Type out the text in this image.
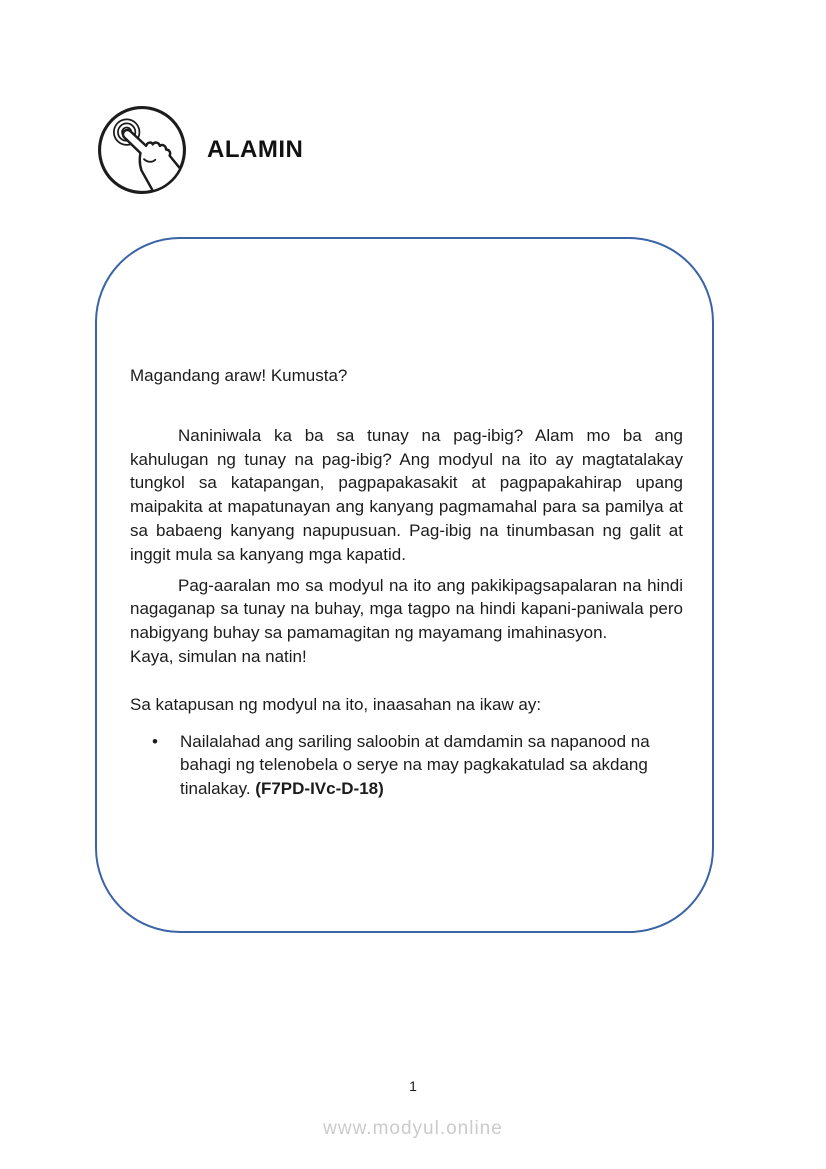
ALAMIN

Magandang araw! Kumusta?

Naniniwala ka ba sa tunay na pag-ibig? Alam mo ba ang kahulugan ng tunay na pag-ibig? Ang modyul na ito ay magtatalakay tungkol sa katapangan, pagpapakasakit at pagpapakahirap upang maipakita at mapatunayan ang kanyang pagmamahal para sa pamilya at sa babaeng kanyang napupusuan. Pag-ibig na tinumbasan ng galit at inggit mula sa kanyang mga kapatid.

Pag-aaralan mo sa modyul na ito ang pakikipagsapalaran na hindi nagaganap sa tunay na buhay, mga tagpo na hindi kapani-paniwala pero nabigyang buhay sa pamamagitan ng mayamang imahinasyon.

Kaya, simulan na natin!

Sa katapusan ng modyul na ito, inaasahan na ikaw ay:

•	Nailalahad ang sariling saloobin at damdamin sa napanood na bahagi ng telenobela o serye na may pagkakatulad sa akdang tinalakay. (F7PD-IVc-D-18)
1
www.modyul.online
